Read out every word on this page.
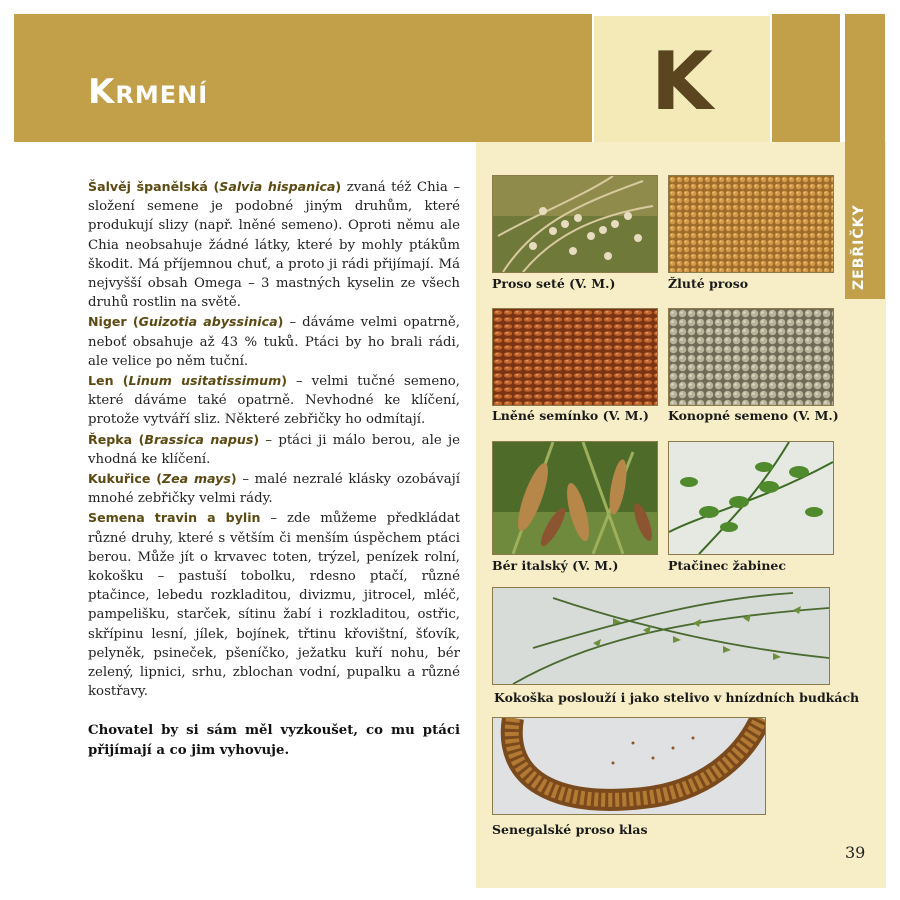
Krmení	K
ZEBŘIČKY

Šalvěj španělská (Salvia hispanica) zvaná též Chia – složení semene je podobné jiným druhům, které produkují slizy (např. lněné semeno). Oproti němu ale Chia neobsahuje žádné látky, které by mohly ptákům škodit. Má příjemnou chuť, a proto ji rádi přijímají. Má nejvyšší obsah Omega – 3 mastných kyselin ze všech druhů rostlin na světě.

Niger (Guizotia abyssinica) – dáváme velmi opatrně, neboť obsahuje až 43 % tuků. Ptáci by ho brali rádi, ale velice po něm tuční.

Len (Linum usitatissimum) – velmi tučné semeno, které dáváme také opatrně. Nevhodné ke klíčení, protože vytváří sliz. Některé zebřičky ho odmítají.

Řepka (Brassica napus) – ptáci ji málo berou, ale je vhodná ke klíčení.

Kukuřice (Zea mays) – malé nezralé klásky ozobávají mnohé zebřičky velmi rády.

Semena travin a bylin – zde můžeme předkládat různé druhy, které s větším či menším úspěchem ptáci berou. Může jít o krvavec toten, trýzel, penízek rolní, kokošku – pastuší tobolku, rdesno ptačí, různé ptačince, lebedu rozkladitou, divizmu, jitrocel, mléč, pampelišku, starček, sítinu žabí i rozkladitou, ostřic, skřípinu lesní, jílek, bojínek, třtinu křovištní, šťovík, pelyněk, psineček, pšeníčko, ježatku kuří nohu, bér zelený, lipnici, srhu, zblochan vodní, pupalku a různé kostřavy.

Chovatel by si sám měl vyzkoušet, co mu ptáci přijímají a co jim vyhovuje.

Proso seté (V. M.)	Žluté proso
Lněné semínko (V. M.) Konopné semeno (V. M.)
Bér italský (V. M.)	Ptačinec žabinec
Kokoška poslouží i jako stelivo v hnízdních budkách
Senegalské proso klas
39
